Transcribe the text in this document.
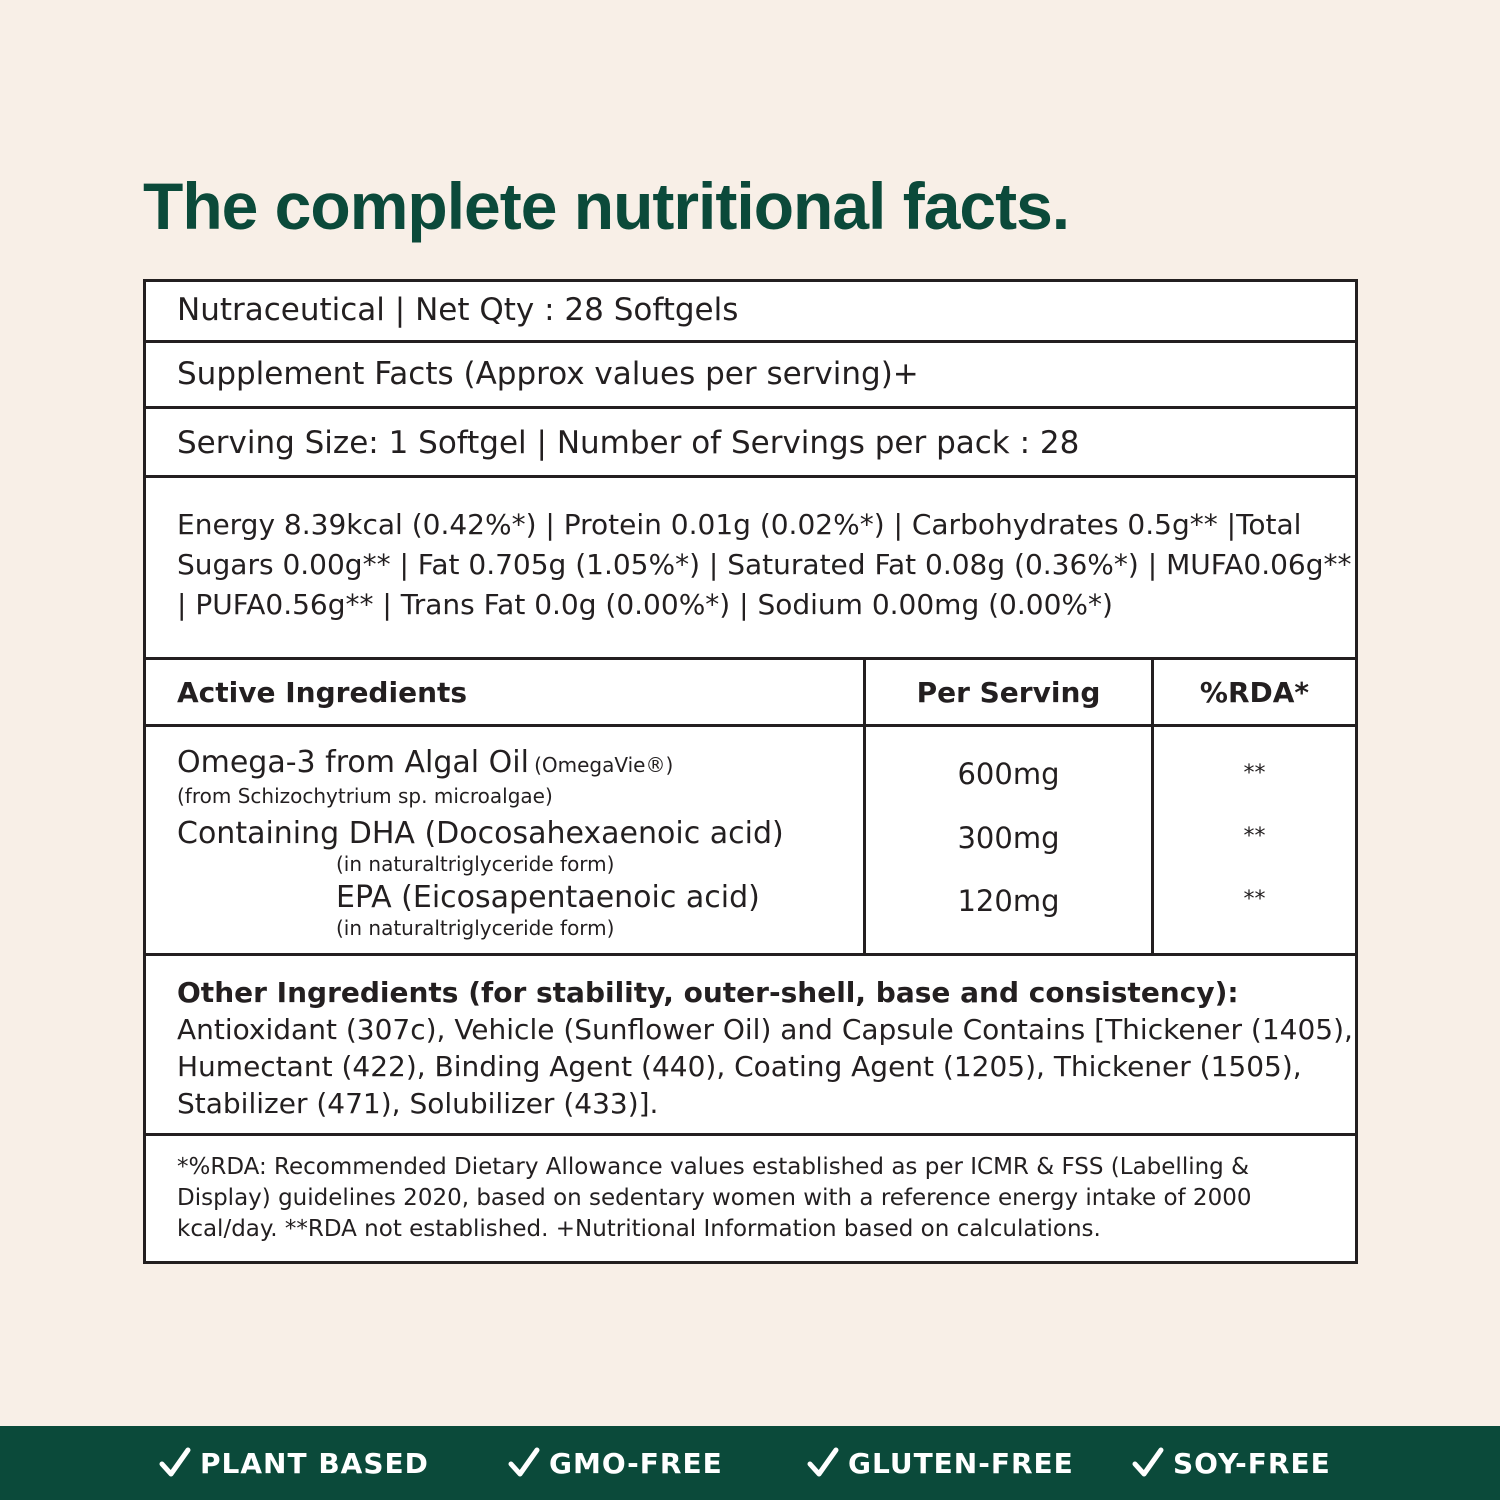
The complete nutritional facts.
Nutraceutical | Net Qty : 28 Softgels
Supplement Facts (Approx values per serving)+
Serving Size: 1 Softgel | Number of Servings per pack : 28
Energy 8.39kcal (0.42%*) | Protein 0.01g (0.02%*) | Carbohydrates 0.5g** |Total
Sugars 0.00g** | Fat 0.705g (1.05%*) | Saturated Fat 0.08g (0.36%*) | MUFA0.06g**
| PUFA0.56g** | Trans Fat 0.0g (0.00%*) | Sodium 0.00mg (0.00%*)
Active Ingredients	Per Serving	%RDA*
Omega-3 from Algal Oil (OmegaVie®)
(from Schizochytrium sp. microalgae)
600mg	**
Containing DHA (Docosahexaenoic acid)
(in naturaltriglyceride form)
300mg	**
EPA (Eicosapentaenoic acid)
(in naturaltriglyceride form)
120mg	**
Other Ingredients (for stability, outer-shell, base and consistency):
Antioxidant (307c), Vehicle (Sunflower Oil) and Capsule Contains [Thickener (1405),
Humectant (422), Binding Agent (440), Coating Agent (1205), Thickener (1505),
Stabilizer (471), Solubilizer (433)].
*%RDA: Recommended Dietary Allowance values established as per ICMR & FSS (Labelling &
Display) guidelines 2020, based on sedentary women with a reference energy intake of 2000
kcal/day. **RDA not established. +Nutritional Information based on calculations.
PLANT BASED	GMO-FREE	GLUTEN-FREE	SOY-FREE
